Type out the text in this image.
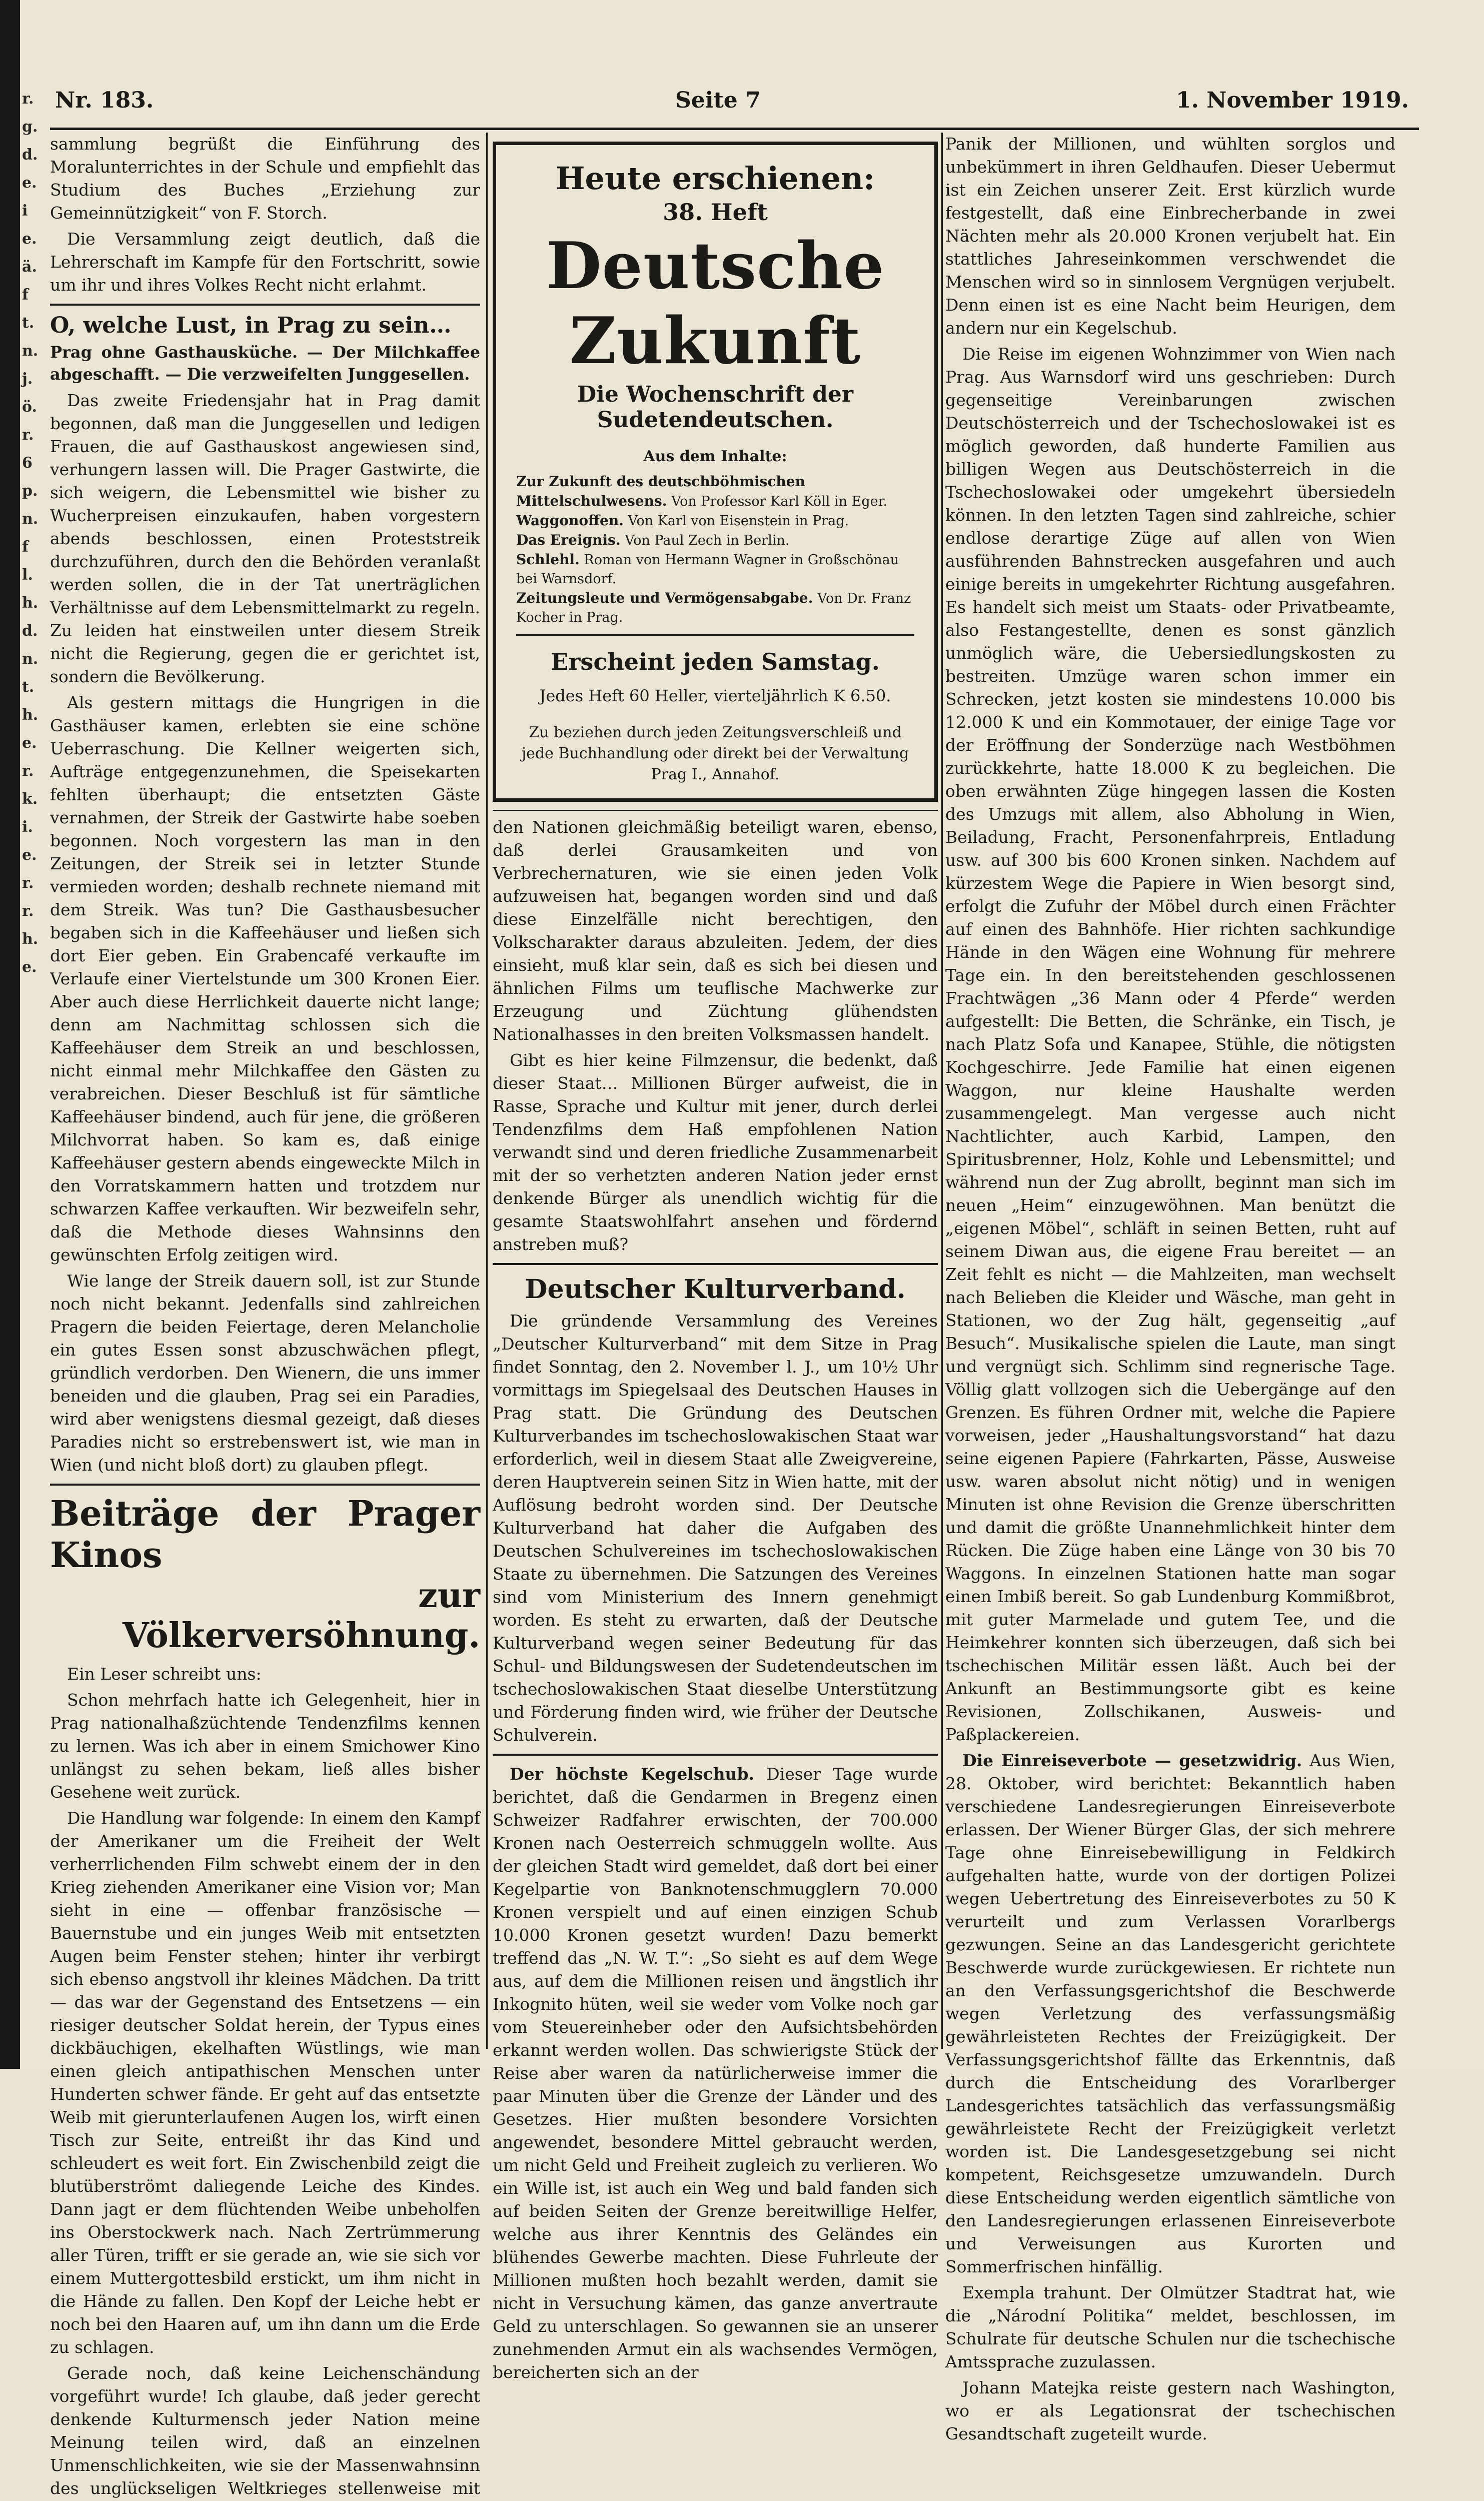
r. g. d. e. ie. ä. ft. n. j. ö. r. 6 p. n. fl. h. d. n. t. h. e. r. k. i. e. r. r. h. e.
Nr. 183.	Seite 7	1. November 1919.

sammlung begrüßt die Einführung des Moralunterrichtes in der Schule und empfiehlt das Studium des Buches „Erziehung zur Gemeinnützigkeit“ von F. Storch.

Die Versammlung zeigt deutlich, daß die Lehrerschaft im Kampfe für den Fortschritt, sowie um ihr und ihres Volkes Recht nicht erlahmt.

O, welche Lust, in Prag zu sein…
Prag ohne Gasthausküche. — Der Milchkaffee abgeschafft. — Die verzweifelten Junggesellen.

Das zweite Friedensjahr hat in Prag damit begonnen, daß man die Junggesellen und ledigen Frauen, die auf Gasthauskost angewiesen sind, verhungern lassen will. Die Prager Gastwirte, die sich weigern, die Lebensmittel wie bisher zu Wucherpreisen einzukaufen, haben vorgestern abends beschlossen, einen Proteststreik durchzuführen, durch den die Behörden veranlaßt werden sollen, die in der Tat unerträglichen Verhältnisse auf dem Lebensmittelmarkt zu regeln. Zu leiden hat einstweilen unter diesem Streik nicht die Regierung, gegen die er gerichtet ist, sondern die Bevölkerung.

Als gestern mittags die Hungrigen in die Gasthäuser kamen, erlebten sie eine schöne Ueberraschung. Die Kellner weigerten sich, Aufträge entgegenzunehmen, die Speisekarten fehlten überhaupt; die entsetzten Gäste vernahmen, der Streik der Gastwirte habe soeben begonnen. Noch vorgestern las man in den Zeitungen, der Streik sei in letzter Stunde vermieden worden; deshalb rechnete niemand mit dem Streik. Was tun? Die Gasthausbesucher begaben sich in die Kaffeehäuser und ließen sich dort Eier geben. Ein Grabencafé verkaufte im Verlaufe einer Viertelstunde um 300 Kronen Eier. Aber auch diese Herrlichkeit dauerte nicht lange; denn am Nachmittag schlossen sich die Kaffeehäuser dem Streik an und beschlossen, nicht einmal mehr Milchkaffee den Gästen zu verabreichen. Dieser Beschluß ist für sämtliche Kaffeehäuser bindend, auch für jene, die größeren Milchvorrat haben. So kam es, daß einige Kaffeehäuser gestern abends eingeweckte Milch in den Vorratskammern hatten und trotzdem nur schwarzen Kaffee verkauften. Wir bezweifeln sehr, daß die Methode dieses Wahnsinns den gewünschten Erfolg zeitigen wird.

Wie lange der Streik dauern soll, ist zur Stunde noch nicht bekannt. Jedenfalls sind zahlreichen Pragern die beiden Feiertage, deren Melancholie ein gutes Essen sonst abzuschwächen pflegt, gründlich verdorben. Den Wienern, die uns immer beneiden und die glauben, Prag sei ein Paradies, wird aber wenigstens diesmal gezeigt, daß dieses Paradies nicht so erstrebenswert ist, wie man in Wien (und nicht bloß dort) zu glauben pflegt.

Beiträge der Prager Kinos
zur Völkerversöhnung.

Ein Leser schreibt uns:

Schon mehrfach hatte ich Gelegenheit, hier in Prag nationalhaßzüchtende Tendenzfilms kennen zu lernen. Was ich aber in einem Smichower Kino unlängst zu sehen bekam, ließ alles bisher Gesehene weit zurück.

Die Handlung war folgende: In einem den Kampf der Amerikaner um die Freiheit der Welt verherrlichenden Film schwebt einem der in den Krieg ziehenden Amerikaner eine Vision vor; Man sieht in eine — offenbar französische — Bauernstube und ein junges Weib mit entsetzten Augen beim Fenster stehen; hinter ihr verbirgt sich ebenso angstvoll ihr kleines Mädchen. Da tritt — das war der Gegenstand des Entsetzens — ein riesiger deutscher Soldat herein, der Typus eines dickbäuchigen, ekelhaften Wüstlings, wie man einen gleich antipathischen Menschen unter Hunderten schwer fände. Er geht auf das entsetzte Weib mit gierunterlaufenen Augen los, wirft einen Tisch zur Seite, entreißt ihr das Kind und schleudert es weit fort. Ein Zwischenbild zeigt die blutüberströmt daliegende Leiche des Kindes. Dann jagt er dem flüchtenden Weibe unbeholfen ins Oberstockwerk nach. Nach Zertrümmerung aller Türen, trifft er sie gerade an, wie sie sich vor einem Muttergottesbild erstickt, um ihm nicht in die Hände zu fallen. Den Kopf der Leiche hebt er noch bei den Haaren auf, um ihn dann um die Erde zu schlagen.

Gerade noch, daß keine Leichenschändung vorgeführt wurde! Ich glaube, daß jeder gerecht denkende Kulturmensch jeder Nation meine Meinung teilen wird, daß an einzelnen Unmenschlichkeiten, wie sie der Massenwahnsinn des unglückseligen Weltkrieges stellenweise mit

Heute erschienen:
38. Heft
Deutsche Zukunft
Die Wochenschrift der Sudetendeutschen.
Aus dem Inhalte:
Zur Zukunft des deutschböhmischen Mittelschulwesens. Von Professor Karl Köll in Eger.
Waggonoffen. Von Karl von Eisenstein in Prag.
Das Ereignis. Von Paul Zech in Berlin.
Schlehl. Roman von Hermann Wagner in Großschönau bei Warnsdorf.
Zeitungsleute und Vermögensabgabe. Von Dr. Franz Kocher in Prag.
Erscheint jeden Samstag.
Jedes Heft 60 Heller, vierteljährlich K 6.50.
Zu beziehen durch jeden Zeitungsverschleiß und jede Buchhandlung oder direkt bei der Verwaltung Prag I., Annahof.

den Nationen gleichmäßig beteiligt waren, ebenso, daß derlei Grausamkeiten und von Verbrechernaturen, wie sie einen jeden Volk aufzuweisen hat, begangen worden sind und daß diese Einzelfälle nicht berechtigen, den Volkscharakter daraus abzuleiten. Jedem, der dies einsieht, muß klar sein, daß es sich bei diesen und ähnlichen Films um teuflische Machwerke zur Erzeugung und Züchtung glühendsten Nationalhasses in den breiten Volksmassen handelt.

Gibt es hier keine Filmzensur, die bedenkt, daß dieser Staat… Millionen Bürger aufweist, die in Rasse, Sprache und Kultur mit jener, durch derlei Tendenzfilms dem Haß empfohlenen Nation verwandt sind und deren friedliche Zusammenarbeit mit der so verhetzten anderen Nation jeder ernst denkende Bürger als unendlich wichtig für die gesamte Staatswohlfahrt ansehen und fördernd anstreben muß?

Deutscher Kulturverband.

Die gründende Versammlung des Vereines „Deutscher Kulturverband“ mit dem Sitze in Prag findet Sonntag, den 2. November l. J., um 10½ Uhr vormittags im Spiegelsaal des Deutschen Hauses in Prag statt. Die Gründung des Deutschen Kulturverbandes im tschechoslowakischen Staat war erforderlich, weil in diesem Staat alle Zweigvereine, deren Hauptverein seinen Sitz in Wien hatte, mit der Auflösung bedroht worden sind. Der Deutsche Kulturverband hat daher die Aufgaben des Deutschen Schulvereines im tschechoslowakischen Staate zu übernehmen. Die Satzungen des Vereines sind vom Ministerium des Innern genehmigt worden. Es steht zu erwarten, daß der Deutsche Kulturverband wegen seiner Bedeutung für das Schul- und Bildungswesen der Sudetendeutschen im tschechoslowakischen Staat dieselbe Unterstützung und Förderung finden wird, wie früher der Deutsche Schulverein.

Der höchste Kegelschub. Dieser Tage wurde berichtet, daß die Gendarmen in Bregenz einen Schweizer Radfahrer erwischten, der 700.000 Kronen nach Oesterreich schmuggeln wollte. Aus der gleichen Stadt wird gemeldet, daß dort bei einer Kegelpartie von Banknotenschmugglern 70.000 Kronen verspielt und auf einen einzigen Schub 10.000 Kronen gesetzt wurden! Dazu bemerkt treffend das „N. W. T.“: „So sieht es auf dem Wege aus, auf dem die Millionen reisen und ängstlich ihr Inkognito hüten, weil sie weder vom Volke noch gar vom Steuereinheber oder den Aufsichtsbehörden erkannt werden wollen. Das schwierigste Stück der Reise aber waren da natürlicherweise immer die paar Minuten über die Grenze der Länder und des Gesetzes. Hier mußten besondere Vorsichten angewendet, besondere Mittel gebraucht werden, um nicht Geld und Freiheit zugleich zu verlieren. Wo ein Wille ist, ist auch ein Weg und bald fanden sich auf beiden Seiten der Grenze bereitwillige Helfer, welche aus ihrer Kenntnis des Geländes ein blühendes Gewerbe machten. Diese Fuhrleute der Millionen mußten hoch bezahlt werden, damit sie nicht in Versuchung kämen, das ganze anvertraute Geld zu unterschlagen. So gewannen sie an unserer zunehmenden Armut ein als wachsendes Vermögen, bereicherten sich an der

Panik der Millionen, und wühlten sorglos und unbekümmert in ihren Geldhaufen. Dieser Uebermut ist ein Zeichen unserer Zeit. Erst kürzlich wurde festgestellt, daß eine Einbrecherbande in zwei Nächten mehr als 20.000 Kronen verjubelt hat. Ein stattliches Jahreseinkommen verschwendet die Menschen wird so in sinnlosem Vergnügen verjubelt. Denn einen ist es eine Nacht beim Heurigen, dem andern nur ein Kegelschub.

Die Reise im eigenen Wohnzimmer von Wien nach Prag. Aus Warnsdorf wird uns geschrieben: Durch gegenseitige Vereinbarungen zwischen Deutschösterreich und der Tschechoslowakei ist es möglich geworden, daß hunderte Familien aus billigen Wegen aus Deutschösterreich in die Tschechoslowakei oder umgekehrt übersiedeln können. In den letzten Tagen sind zahlreiche, schier endlose derartige Züge auf allen von Wien ausführenden Bahnstrecken ausgefahren und auch einige bereits in umgekehrter Richtung ausgefahren. Es handelt sich meist um Staats- oder Privatbeamte, also Festangestellte, denen es sonst gänzlich unmöglich wäre, die Uebersiedlungskosten zu bestreiten. Umzüge waren schon immer ein Schrecken, jetzt kosten sie mindestens 10.000 bis 12.000 K und ein Kommotauer, der einige Tage vor der Eröffnung der Sonderzüge nach Westböhmen zurückkehrte, hatte 18.000 K zu begleichen. Die oben erwähnten Züge hingegen lassen die Kosten des Umzugs mit allem, also Abholung in Wien, Beiladung, Fracht, Personenfahrpreis, Entladung usw. auf 300 bis 600 Kronen sinken. Nachdem auf kürzestem Wege die Papiere in Wien besorgt sind, erfolgt die Zufuhr der Möbel durch einen Frächter auf einen des Bahnhöfe. Hier richten sachkundige Hände in den Wägen eine Wohnung für mehrere Tage ein. In den bereitstehenden geschlossenen Frachtwägen „36 Mann oder 4 Pferde“ werden aufgestellt: Die Betten, die Schränke, ein Tisch, je nach Platz Sofa und Kanapee, Stühle, die nötigsten Kochgeschirre. Jede Familie hat einen eigenen Waggon, nur kleine Haushalte werden zusammengelegt. Man vergesse auch nicht Nachtlichter, auch Karbid, Lampen, den Spiritusbrenner, Holz, Kohle und Lebensmittel; und während nun der Zug abrollt, beginnt man sich im neuen „Heim“ einzugewöhnen. Man benützt die „eigenen Möbel“, schläft in seinen Betten, ruht auf seinem Diwan aus, die eigene Frau bereitet — an Zeit fehlt es nicht — die Mahlzeiten, man wechselt nach Belieben die Kleider und Wäsche, man geht in Stationen, wo der Zug hält, gegenseitig „auf Besuch“. Musikalische spielen die Laute, man singt und vergnügt sich. Schlimm sind regnerische Tage. Völlig glatt vollzogen sich die Uebergänge auf den Grenzen. Es führen Ordner mit, welche die Papiere vorweisen, jeder „Haushaltungsvorstand“ hat dazu seine eigenen Papiere (Fahrkarten, Pässe, Ausweise usw. waren absolut nicht nötig) und in wenigen Minuten ist ohne Revision die Grenze überschritten und damit die größte Unannehmlichkeit hinter dem Rücken. Die Züge haben eine Länge von 30 bis 70 Waggons. In einzelnen Stationen hatte man sogar einen Imbiß bereit. So gab Lundenburg Kommißbrot, mit guter Marmelade und gutem Tee, und die Heimkehrer konnten sich überzeugen, daß sich bei tschechischen Militär essen läßt. Auch bei der Ankunft an Bestimmungsorte gibt es keine Revisionen, Zollschikanen, Ausweis- und Paßplackereien.

Die Einreiseverbote — gesetzwidrig. Aus Wien, 28. Oktober, wird berichtet: Bekanntlich haben verschiedene Landesregierungen Einreiseverbote erlassen. Der Wiener Bürger Glas, der sich mehrere Tage ohne Einreisebewilligung in Feldkirch aufgehalten hatte, wurde von der dortigen Polizei wegen Uebertretung des Einreiseverbotes zu 50 K verurteilt und zum Verlassen Vorarlbergs gezwungen. Seine an das Landesgericht gerichtete Beschwerde wurde zurückgewiesen. Er richtete nun an den Verfassungsgerichtshof die Beschwerde wegen Verletzung des verfassungsmäßig gewährleisteten Rechtes der Freizügigkeit. Der Verfassungsgerichtshof fällte das Erkenntnis, daß durch die Entscheidung des Vorarlberger Landesgerichtes tatsächlich das verfassungsmäßig gewährleistete Recht der Freizügigkeit verletzt worden ist. Die Landesgesetzgebung sei nicht kompetent, Reichsgesetze umzuwandeln. Durch diese Entscheidung werden eigentlich sämtliche von den Landesregierungen erlassenen Einreiseverbote und Verweisungen aus Kurorten und Sommerfrischen hinfällig.

Exempla trahunt. Der Olmützer Stadtrat hat, wie die „Národní Politika“ meldet, beschlossen, im Schulrate für deutsche Schulen nur die tschechische Amtssprache zuzulassen.

Johann Matejka reiste gestern nach Washington, wo er als Legationsrat der tschechischen Gesandtschaft zugeteilt wurde.
